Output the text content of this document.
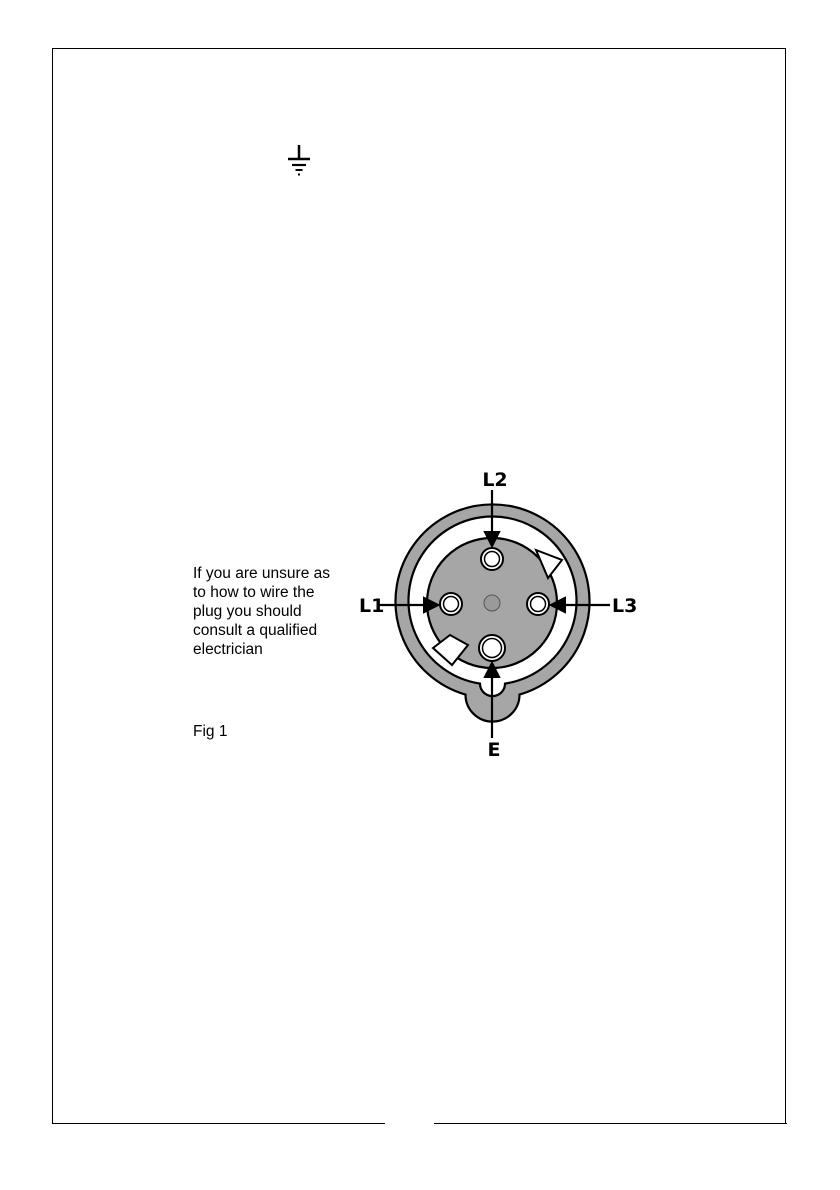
If you are unsure as
to how to wire the
plug you should
consult a qualified
electrician
Fig 1
L2
L1	L3
E
